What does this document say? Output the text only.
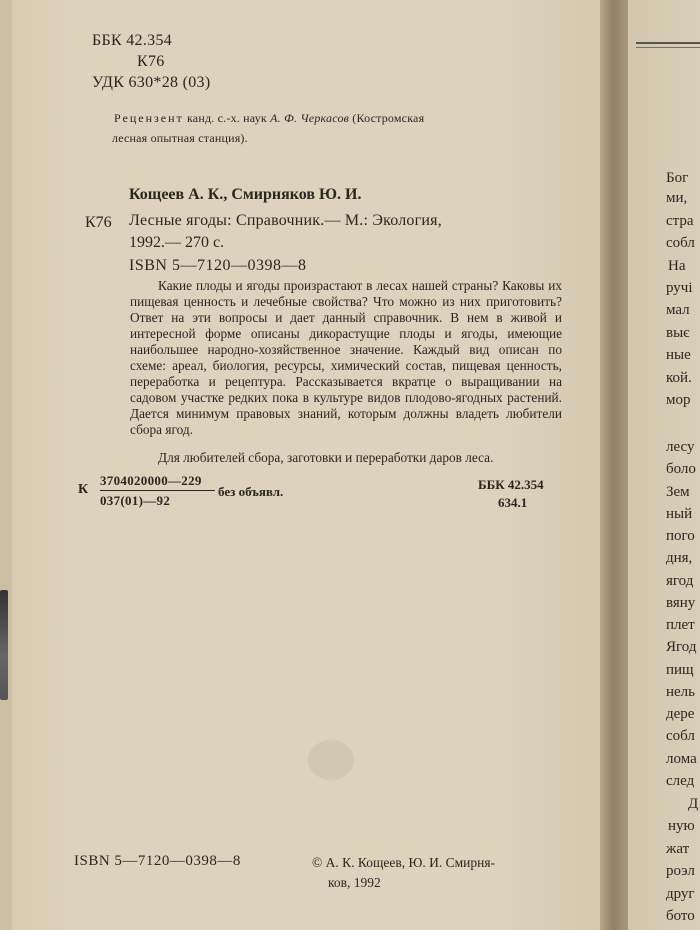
ББК 42.354
К76
УДК 630*28 (03)
Рецензент канд. с.-х. наук А. Ф. Черкасов (Костромская
лесная опытная станция).
Кощеев А. К., Смирняков Ю. И.
К76 Лесные ягоды: Справочник.— М.: Экология,
1992.— 270 с.
ISBN 5—7120—0398—8
Какие плоды и ягоды произрастают в лесах нашей страны? Каковы их пищевая ценность и лечебные свойства? Что можно из них приготовить? Ответ на эти вопросы и дает данный справочник. В нем в живой и интересной форме описаны дикорастущие плоды и ягоды, имеющие наибольшее народно-хозяйственное значение. Каждый вид описан по схеме: ареал, биология, ресурсы, химический состав, пищевая ценность, переработка и рецептура. Рассказывается вкратце о выращивании на садовом участке редких пока в культуре видов плодово-ягодных растений. Дается минимум правовых знаний, которым должны владеть любители сбора ягод.
Для любителей сбора, заготовки и переработки даров леса.
К
3704020000—229
037(01)—92
без объявл.	ББК 42.354
634.1
ISBN 5—7120—0398—8	© А. К. Кощеев, Ю. И. Смирня-
ков, 1992
Бог
ми,
стра
собл
На
ручі
мал
выє
ные
кой.
мор
лесу
боло
Зем
ный
пого
дня,
ягод
вяну
плет
Ягод
пищ
нель
дере
собл
лома
след
Д
ную
жат
роэл
друг
бото
